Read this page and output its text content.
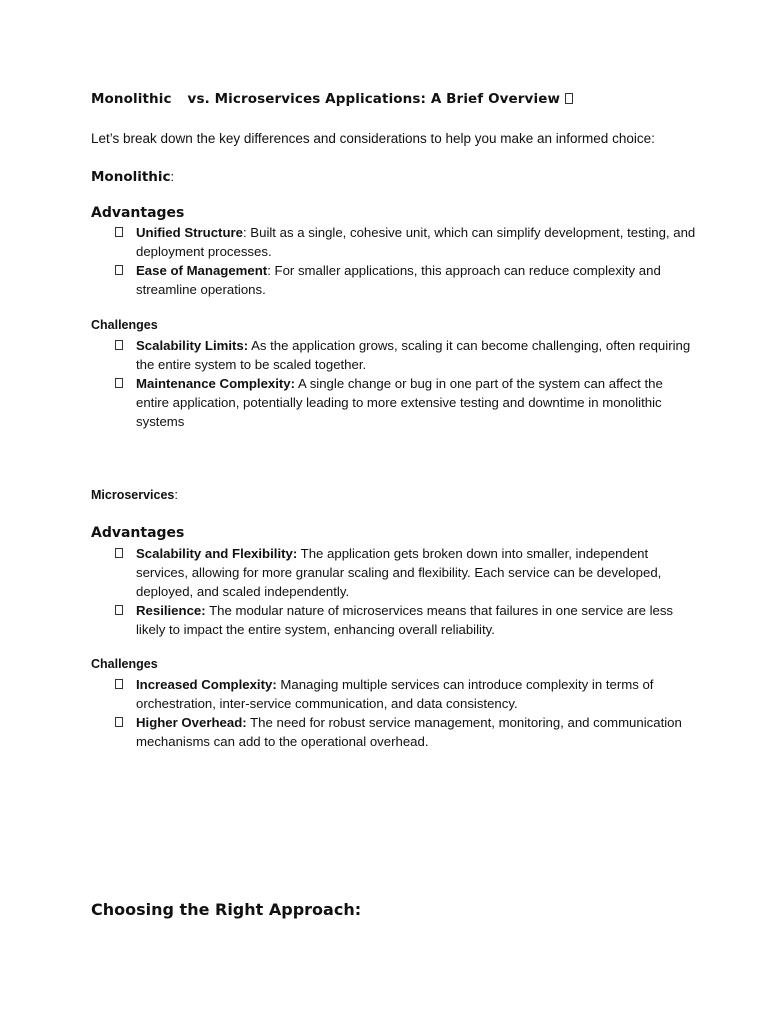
Monolithic vs. Microservices Applications: A Brief Overview
Let’s break down the key differences and considerations to help you make an informed choice:
Monolithic:
Advantages
Unified Structure: Built as a single, cohesive unit, which can simplify development, testing, and deployment processes.
Ease of Management: For smaller applications, this approach can reduce complexity and streamline operations.
Challenges
Scalability Limits: As the application grows, scaling it can become challenging, often requiring the entire system to be scaled together.
Maintenance Complexity: A single change or bug in one part of the system can affect the entire application, potentially leading to more extensive testing and downtime in monolithic systems
Microservices:
Advantages
Scalability and Flexibility: The application gets broken down into smaller, independent services, allowing for more granular scaling and flexibility. Each service can be developed, deployed, and scaled independently.
Resilience: The modular nature of microservices means that failures in one service are less likely to impact the entire system, enhancing overall reliability.
Challenges
Increased Complexity: Managing multiple services can introduce complexity in terms of orchestration, inter-service communication, and data consistency.
Higher Overhead: The need for robust service management, monitoring, and communication mechanisms can add to the operational overhead.
Choosing the Right Approach:
